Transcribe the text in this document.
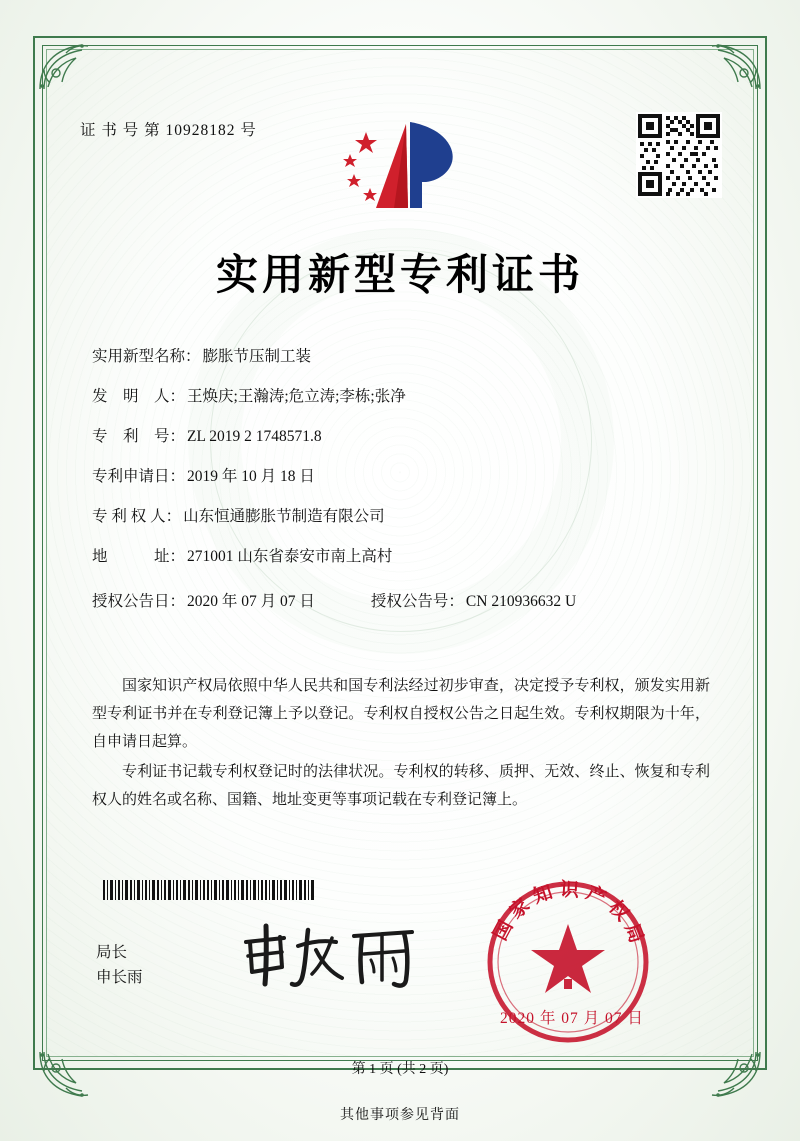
证 书 号 第 10928182 号
实用新型专利证书
实用新型名称： 膨胀节压制工装
发　明　人： 王焕庆;王瀚涛;危立涛;李栋;张净
专　利　号： ZL 2019 2 1748571.8
专利申请日： 2019 年 10 月 18 日
专 利 权 人： 山东恒通膨胀节制造有限公司
地　　　址： 271001 山东省泰安市南上高村
授权公告日： 2020 年 07 月 07 日	授权公告号： CN 210936632 U

国家知识产权局依照中华人民共和国专利法经过初步审查，决定授予专利权，颁发实用新型专利证书并在专利登记簿上予以登记。专利权自授权公告之日起生效。专利权期限为十年，自申请日起算。

专利证书记载专利权登记时的法律状况。专利权的转移、质押、无效、终止、恢复和专利权人的姓名或名称、国籍、地址变更等事项记载在专利登记簿上。

局长
申长雨
国家知识产权局
2020 年 07 月 07 日
第 1 页 (共 2 页)
其他事项参见背面
